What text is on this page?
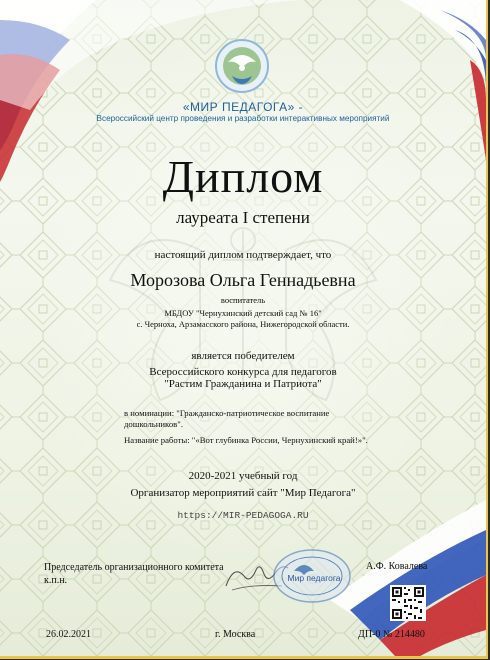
«МИР ПЕДАГОГА» -
Всероссийский центр проведения и разработки интерактивных мероприятий
Диплом
лауреата I степени
настоящий диплом подтверждает, что
Морозова Ольга Геннадьевна
воспитатель
МБДОУ "Чернухинский детский сад № 16"
с. Черноха, Арзамасского района, Нижегородской области.
является победителем
Всероссийского конкурса для педагогов
"Растим Гражданина и Патриота"
в номинации: "Гражданско-патриотическое воспитание дошкольников".
Название работы: "«Вот глубинка России, Чернухинский край!»".
2020-2021 учебный год
Организатор мероприятий сайт "Мир Педагога"
https://MIR-PEDAGOGA.RU
Председатель организационного комитета к.п.н.	Мир педагога
А.Ф. Ковалева
26.02.2021	г. Москва	ДП-0 № 214480
